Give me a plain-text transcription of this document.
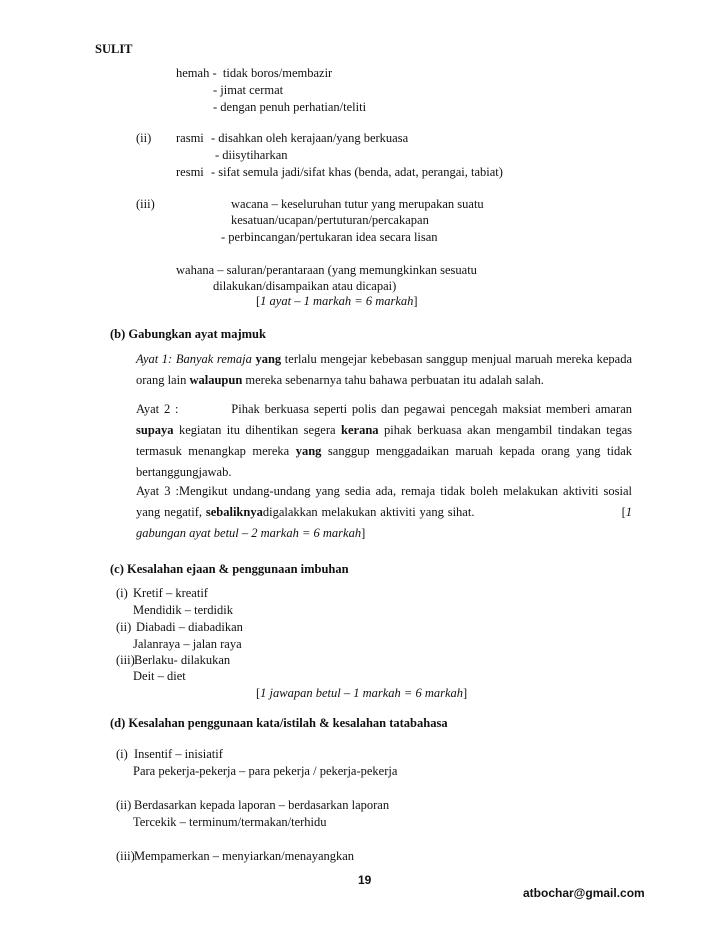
SULIT
hemah - tidak boros/membazir
- jimat cermat
- dengan penuh perhatian/teliti
(ii) rasmi - disahkan oleh kerajaan/yang berkuasa
- diisytiharkan
resmi - sifat semula jadi/sifat khas (benda, adat, perangai, tabiat)
(iii)	wacana – keseluruhan tutur yang merupakan suatu
kesatuan/ucapan/pertuturan/percakapan
- perbincangan/pertukaran idea secara lisan
wahana – saluran/perantaraan (yang memungkinkan sesuatu
dilakukan/disampaikan atau dicapai)
[1 ayat – 1 markah = 6 markah]
(b) Gabungkan ayat majmuk
Ayat 1: Banyak remaja yang terlalu mengejar kebebasan sanggup menjual maruah mereka kepada orang lain walaupun mereka sebenarnya tahu bahawa perbuatan itu adalah salah.
Ayat 2 :	Pihak berkuasa seperti polis dan pegawai pencegah maksiat memberi amaran supaya kegiatan itu dihentikan segera kerana pihak berkuasa akan mengambil tindakan tegas termasuk menangkap mereka yang sanggup menggadaikan maruah kepada orang yang tidak bertanggungjawab.
Ayat 3 :Mengikut undang-undang yang sedia ada, remaja tidak boleh melakukan aktiviti sosial yang negatif, sebaliknyadigalakkan melakukan aktiviti yang sihat.                                      [1 gabungan ayat betul – 2 markah = 6 markah]
(c) Kesalahan ejaan & penggunaan imbuhan
(i) Kretif – kreatif
Mendidik – terdidik
(ii) Diabadi – diabadikan
Jalanraya – jalan raya
(iii) Berlaku- dilakukan
Deit – diet
[1 jawapan betul – 1 markah = 6 markah]
(d) Kesalahan penggunaan kata/istilah & kesalahan tatabahasa
(i) Insentif – inisiatif
Para pekerja-pekerja – para pekerja / pekerja-pekerja
(ii) Berdasarkan kepada laporan – berdasarkan laporan
Tercekik – terminum/termakan/terhidu
(iii) Mempamerkan – menyiarkan/menayangkan
19
atbochar@gmail.com
